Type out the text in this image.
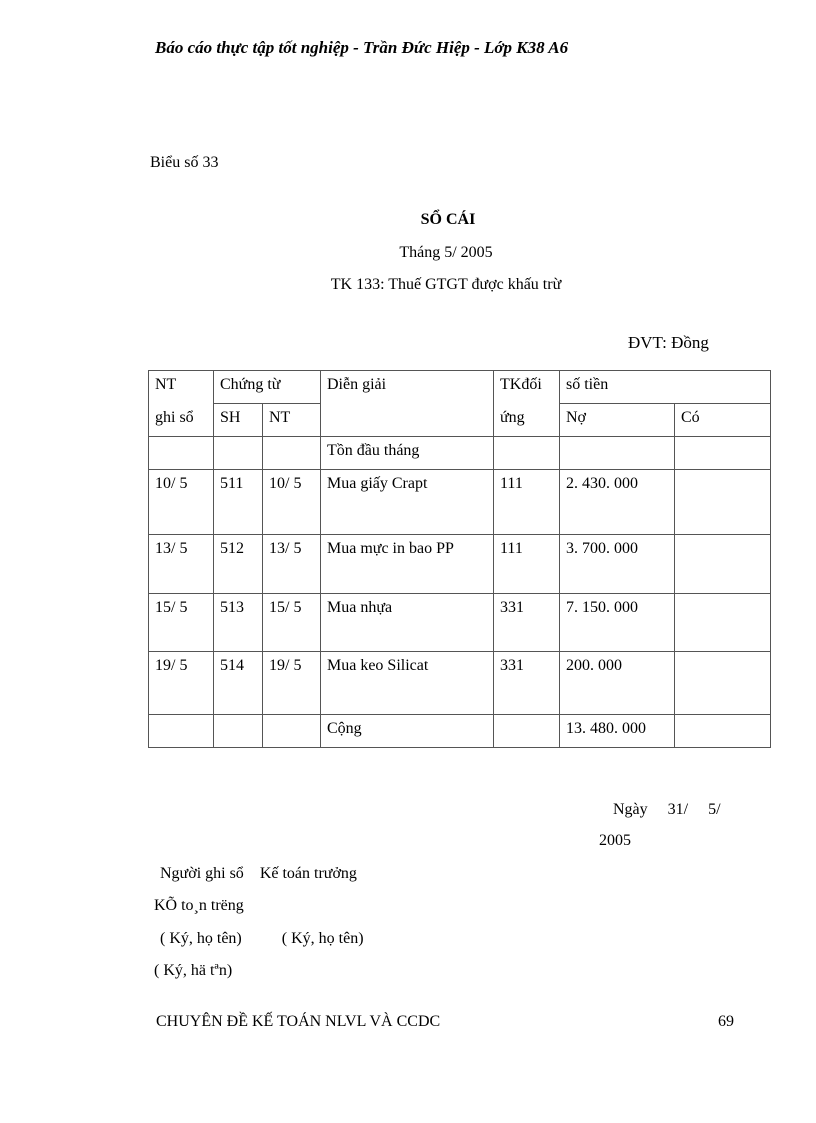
Báo cáo thực tập tốt nghiệp - Trần Đức Hiệp - Lớp K38 A6
Biểu số 33
SỔ CÁI
Tháng 5/ 2005
TK 133: Thuế GTGT được khấu trừ
ĐVT: Đồng
NT	Chứng từ		Diễn giải	TKđối	số tiền	
ghi sổ	SH	NT		ứng	Nợ	Có
			Tồn đầu tháng			
10/ 5	511	10/ 5	Mua giấy Crapt	111	2. 430. 000	
13/ 5	512	13/ 5	Mua mực in bao PP	111	3. 700. 000	
15/ 5	513	15/ 5	Mua nhựa	331	7. 150. 000	
19/ 5	514	19/ 5	Mua keo Silicat	331	200. 000	
			Cộng		13. 480. 000	
Ngày 31/ 5/
2005
Người ghi sổ Kế toán trưởng
KÕ to¸n trëng
( Ký, họ tên)	( Ký, họ tên)
( Ký, hä tªn)
CHUYÊN ĐỀ KẾ TOÁN NLVL VÀ CCDC	69
